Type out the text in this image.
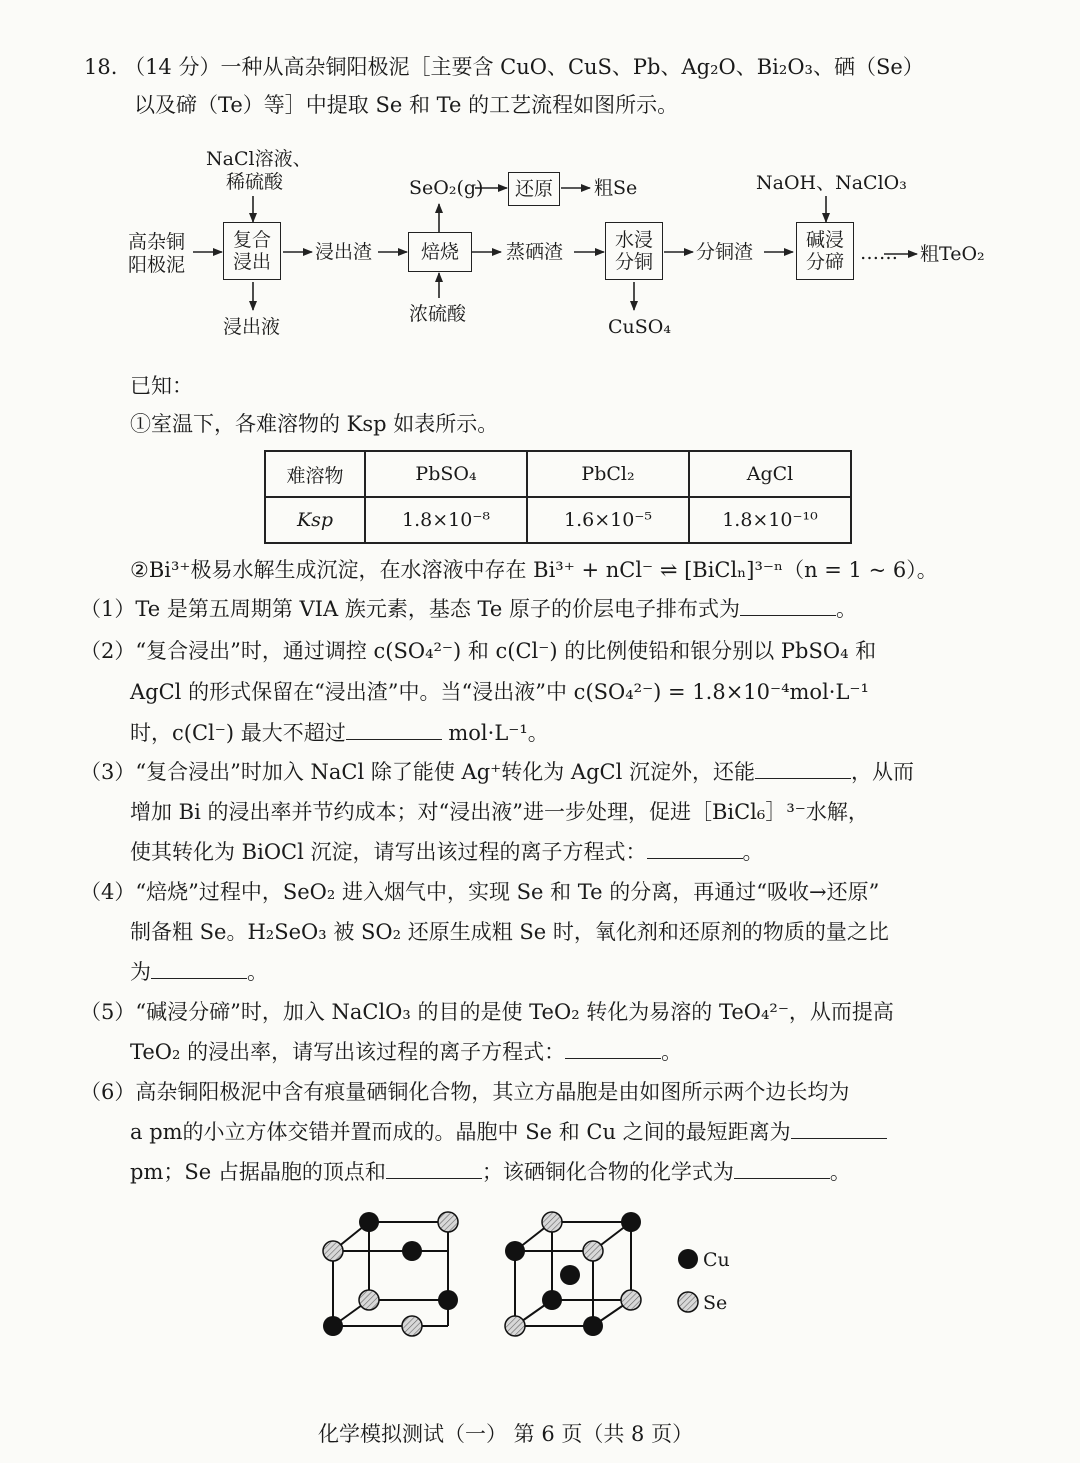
18. （14 分）一种从高杂铜阳极泥［主要含 CuO、CuS、Pb、Ag₂O、Bi₂O₃、硒（Se）
以及碲（Te）等］中提取 Se 和 Te 的工艺流程如图所示。
高杂铜
阳极泥
NaCl溶液、
稀硫酸
复合
浸出
浸出液
浸出渣	焙烧
浓硫酸
SeO₂(g)	还原	粗Se
蒸硒渣
水浸
分铜
CuSO₄
分铜渣
NaOH、NaClO₃
碱浸
分碲 …… 粗TeO₂
已知：
①室温下，各难溶物的 Ksp 如表所示。
难溶物	PbSO₄	PbCl₂	AgCl
Ksp	1.8×10⁻⁸	1.6×10⁻⁵	1.8×10⁻¹⁰
②Bi³⁺极易水解生成沉淀，在水溶液中存在 Bi³⁺ + nCl⁻ ⇌ [BiClₙ]³⁻ⁿ（n = 1 ~ 6）。
（1）Te 是第五周期第 VIA 族元素，基态 Te 原子的价层电子排布式为	。
（2）“复合浸出”时，通过调控 c(SO₄²⁻) 和 c(Cl⁻) 的比例使铅和银分别以 PbSO₄ 和
AgCl 的形式保留在“浸出渣”中。当“浸出液”中 c(SO₄²⁻) = 1.8×10⁻⁴mol·L⁻¹
时，c(Cl⁻) 最大不超过	mol·L⁻¹。
（3）“复合浸出”时加入 NaCl 除了能使 Ag⁺转化为 AgCl 沉淀外，还能	，从而
增加 Bi 的浸出率并节约成本；对“浸出液”进一步处理，促进［BiCl₆］³⁻水解，
使其转化为 BiOCl 沉淀，请写出该过程的离子方程式：	。
（4）“焙烧”过程中，SeO₂ 进入烟气中，实现 Se 和 Te 的分离，再通过“吸收→还原”
制备粗 Se。H₂SeO₃ 被 SO₂ 还原生成粗 Se 时，氧化剂和还原剂的物质的量之比
为	。
（5）“碱浸分碲”时，加入 NaClO₃ 的目的是使 TeO₂ 转化为易溶的 TeO₄²⁻，从而提高
TeO₂ 的浸出率，请写出该过程的离子方程式：	。
（6）高杂铜阳极泥中含有痕量硒铜化合物，其立方晶胞是由如图所示两个边长均为
a pm的小立方体交错并置而成的。晶胞中 Se 和 Cu 之间的最短距离为
pm；Se 占据晶胞的顶点和	；该硒铜化合物的化学式为	。
Cu
Se
化学模拟测试（一） 第 6 页（共 8 页）
